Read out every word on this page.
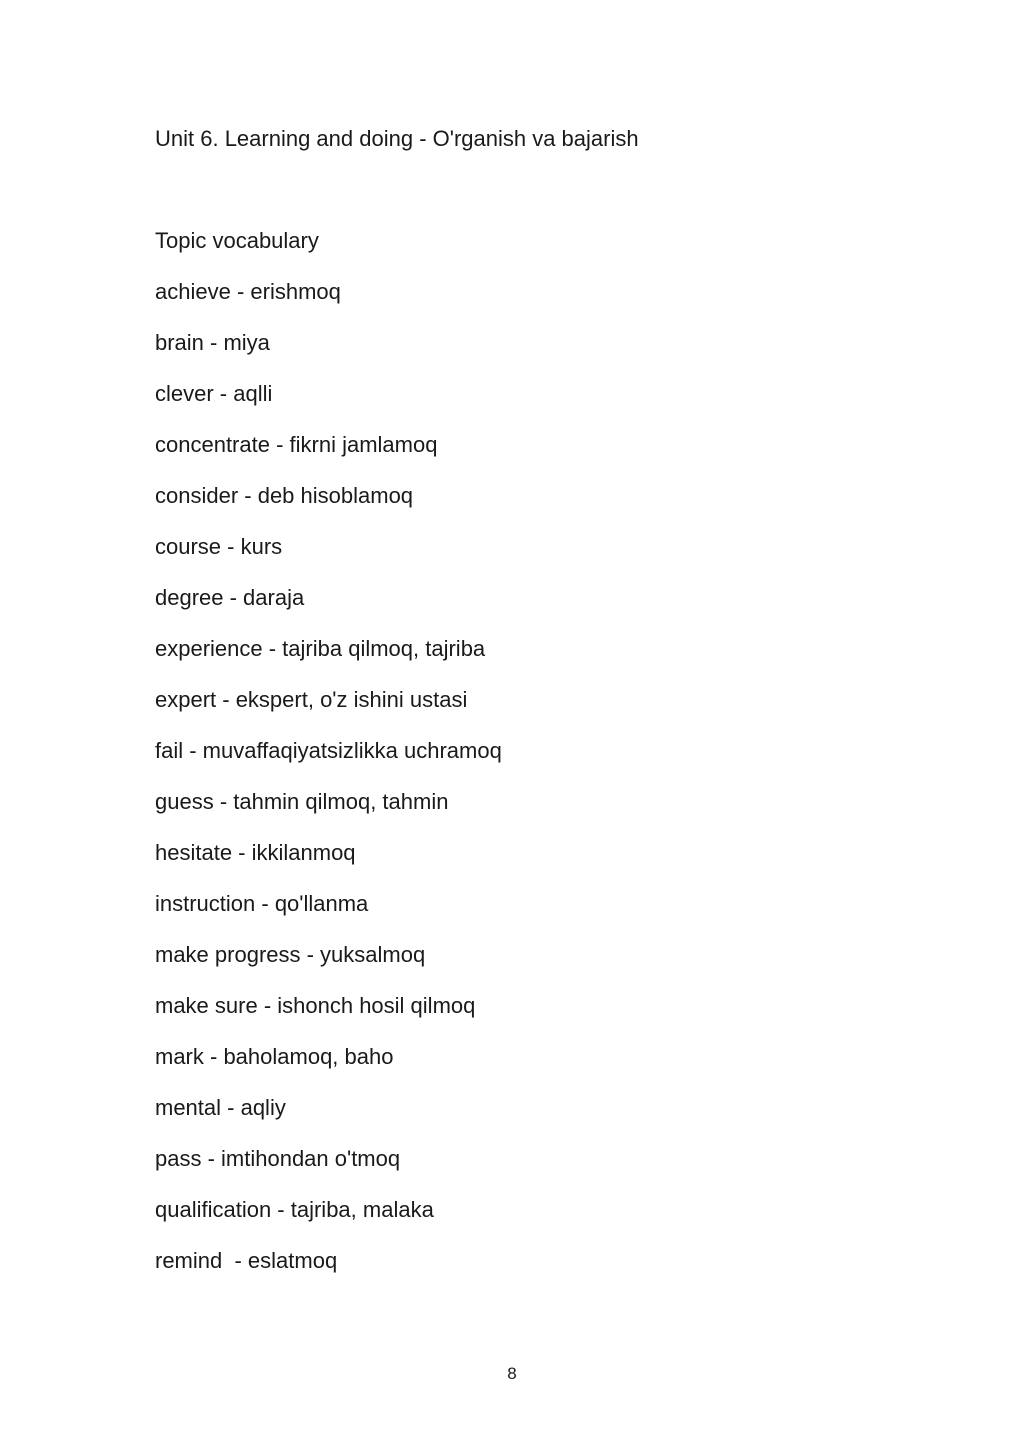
Unit 6. Learning and doing - O'rganish va bajarish
Topic vocabulary
achieve - erishmoq
brain - miya
clever - aqlli
concentrate - fikrni jamlamoq
consider - deb hisoblamoq
course - kurs
degree - daraja
experience - tajriba qilmoq, tajriba
expert - ekspert, o'z ishini ustasi
fail - muvaffaqiyatsizlikka uchramoq
guess - tahmin qilmoq, tahmin
hesitate - ikkilanmoq
instruction - qo'llanma
make progress - yuksalmoq
make sure - ishonch hosil qilmoq
mark - baholamoq, baho
mental - aqliy
pass - imtihondan o'tmoq
qualification - tajriba, malaka
remind  - eslatmoq
8
